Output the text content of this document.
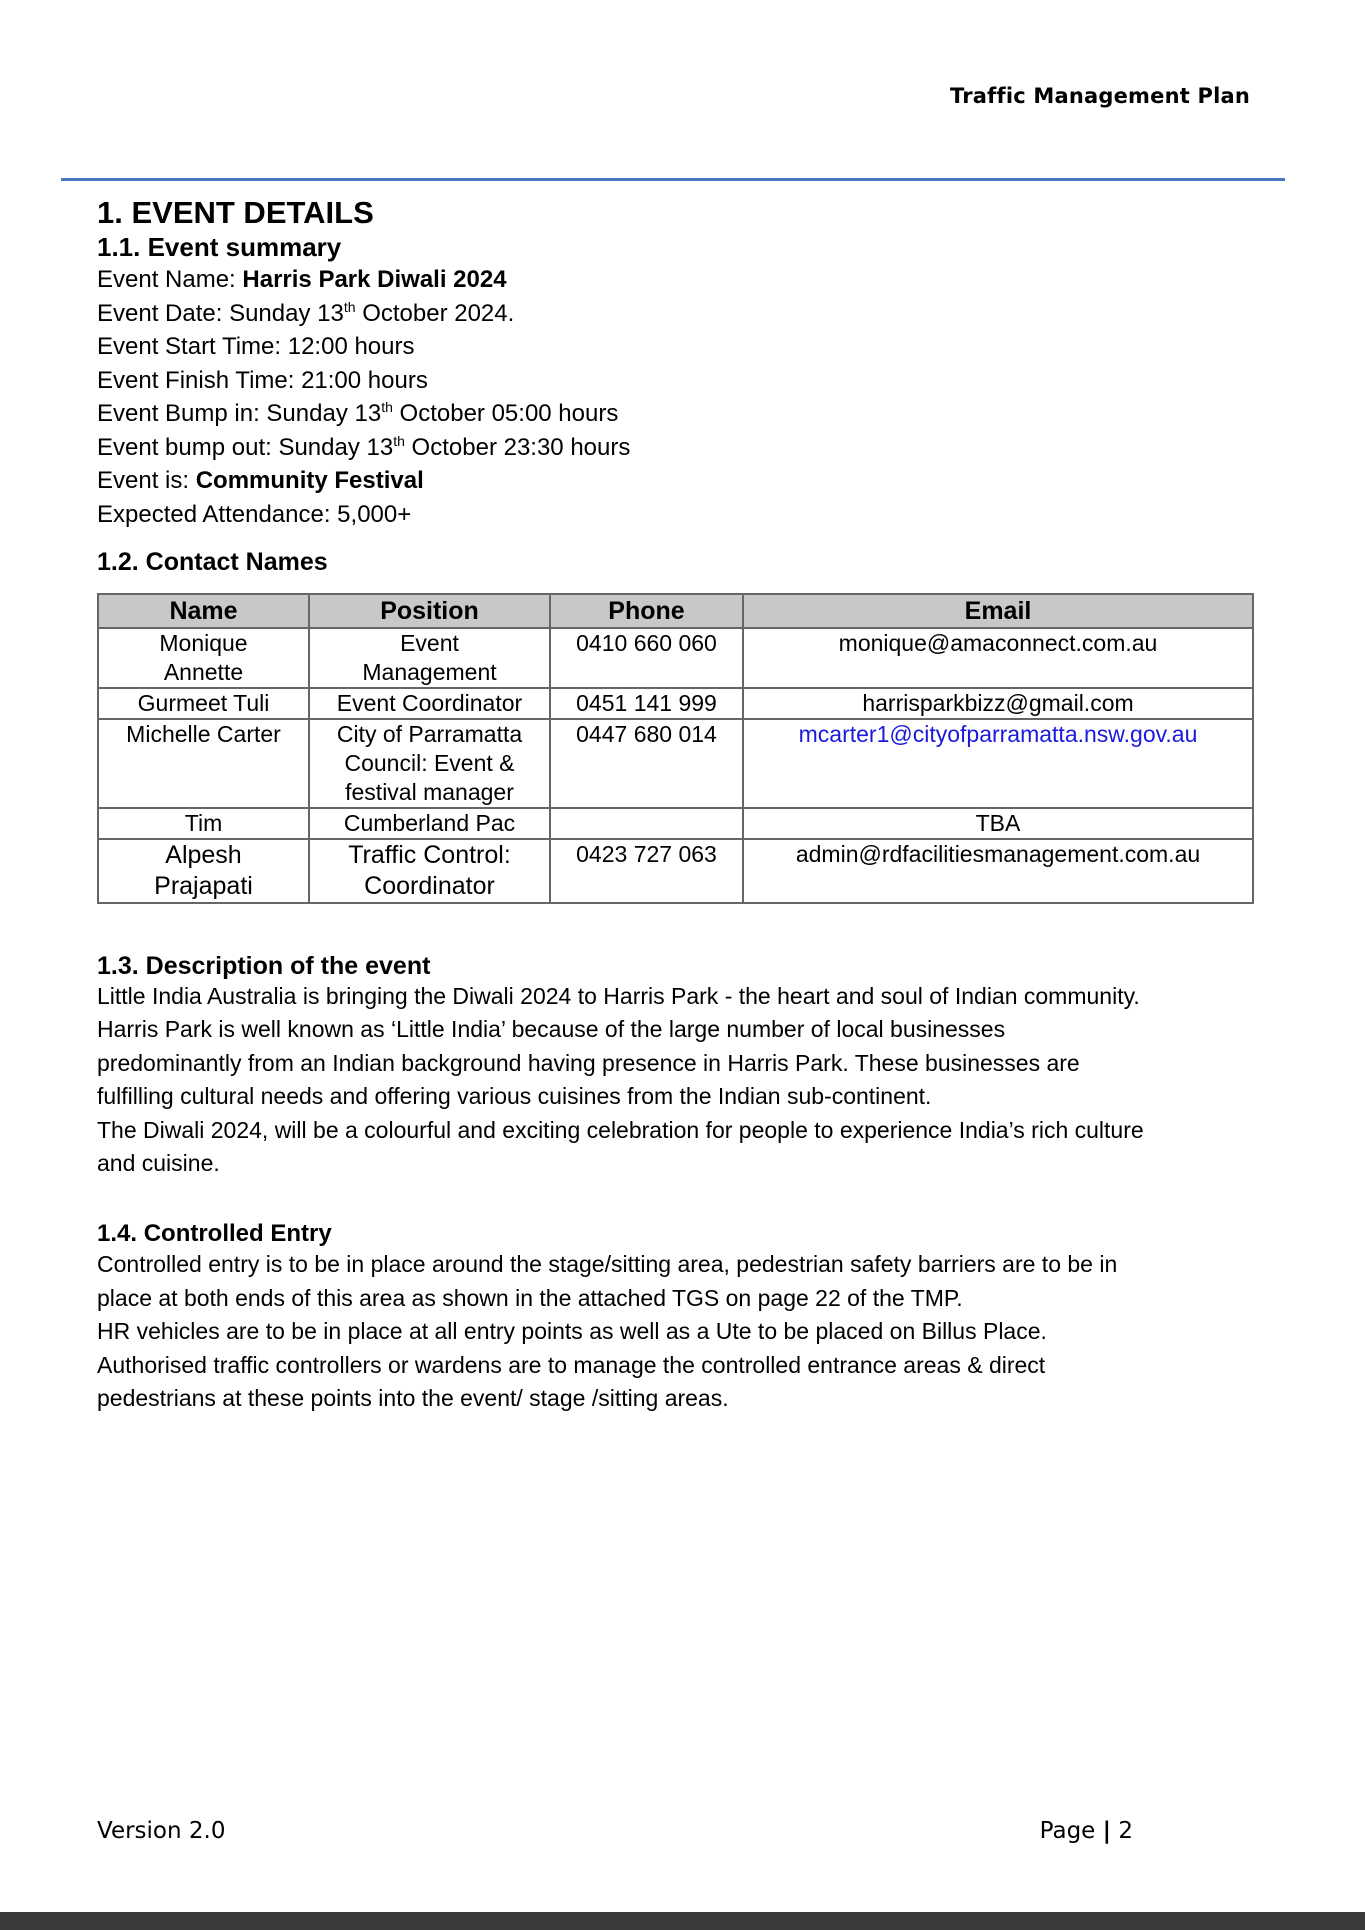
Traffic Management Plan
1. EVENT DETAILS
1.1. Event summary
Event Name: Harris Park Diwali 2024
Event Date: Sunday 13th October 2024.
Event Start Time: 12:00 hours
Event Finish Time: 21:00 hours
Event Bump in: Sunday 13th October 05:00 hours
Event bump out: Sunday 13th October 23:30 hours
Event is: Community Festival
Expected Attendance: 5,000+
1.2. Contact Names
Name	Position	Phone	Email
Monique Annette	Event Management	0410 660 060	monique@amaconnect.com.au
Gurmeet Tuli	Event Coordinator	0451 141 999	harrisparkbizz@gmail.com
Michelle Carter	City of Parramatta Council: Event & festival manager	0447 680 014	mcarter1@cityofparramatta.nsw.gov.au
Tim	Cumberland Pac		TBA
Alpesh Prajapati	Traffic Control: Coordinator	0423 727 063	admin@rdfacilitiesmanagement.com.au
1.3. Description of the event
Little India Australia is bringing the Diwali 2024 to Harris Park - the heart and soul of Indian community.
Harris Park is well known as ‘Little India’ because of the large number of local businesses
predominantly from an Indian background having presence in Harris Park. These businesses are
fulfilling cultural needs and offering various cuisines from the Indian sub-continent.
The Diwali 2024, will be a colourful and exciting celebration for people to experience India’s rich culture
and cuisine.
1.4. Controlled Entry
Controlled entry is to be in place around the stage/sitting area, pedestrian safety barriers are to be in
place at both ends of this area as shown in the attached TGS on page 22 of the TMP.
HR vehicles are to be in place at all entry points as well as a Ute to be placed on Billus Place.
Authorised traffic controllers or wardens are to manage the controlled entrance areas & direct
pedestrians at these points into the event/ stage /sitting areas.
Version 2.0	Page | 2
